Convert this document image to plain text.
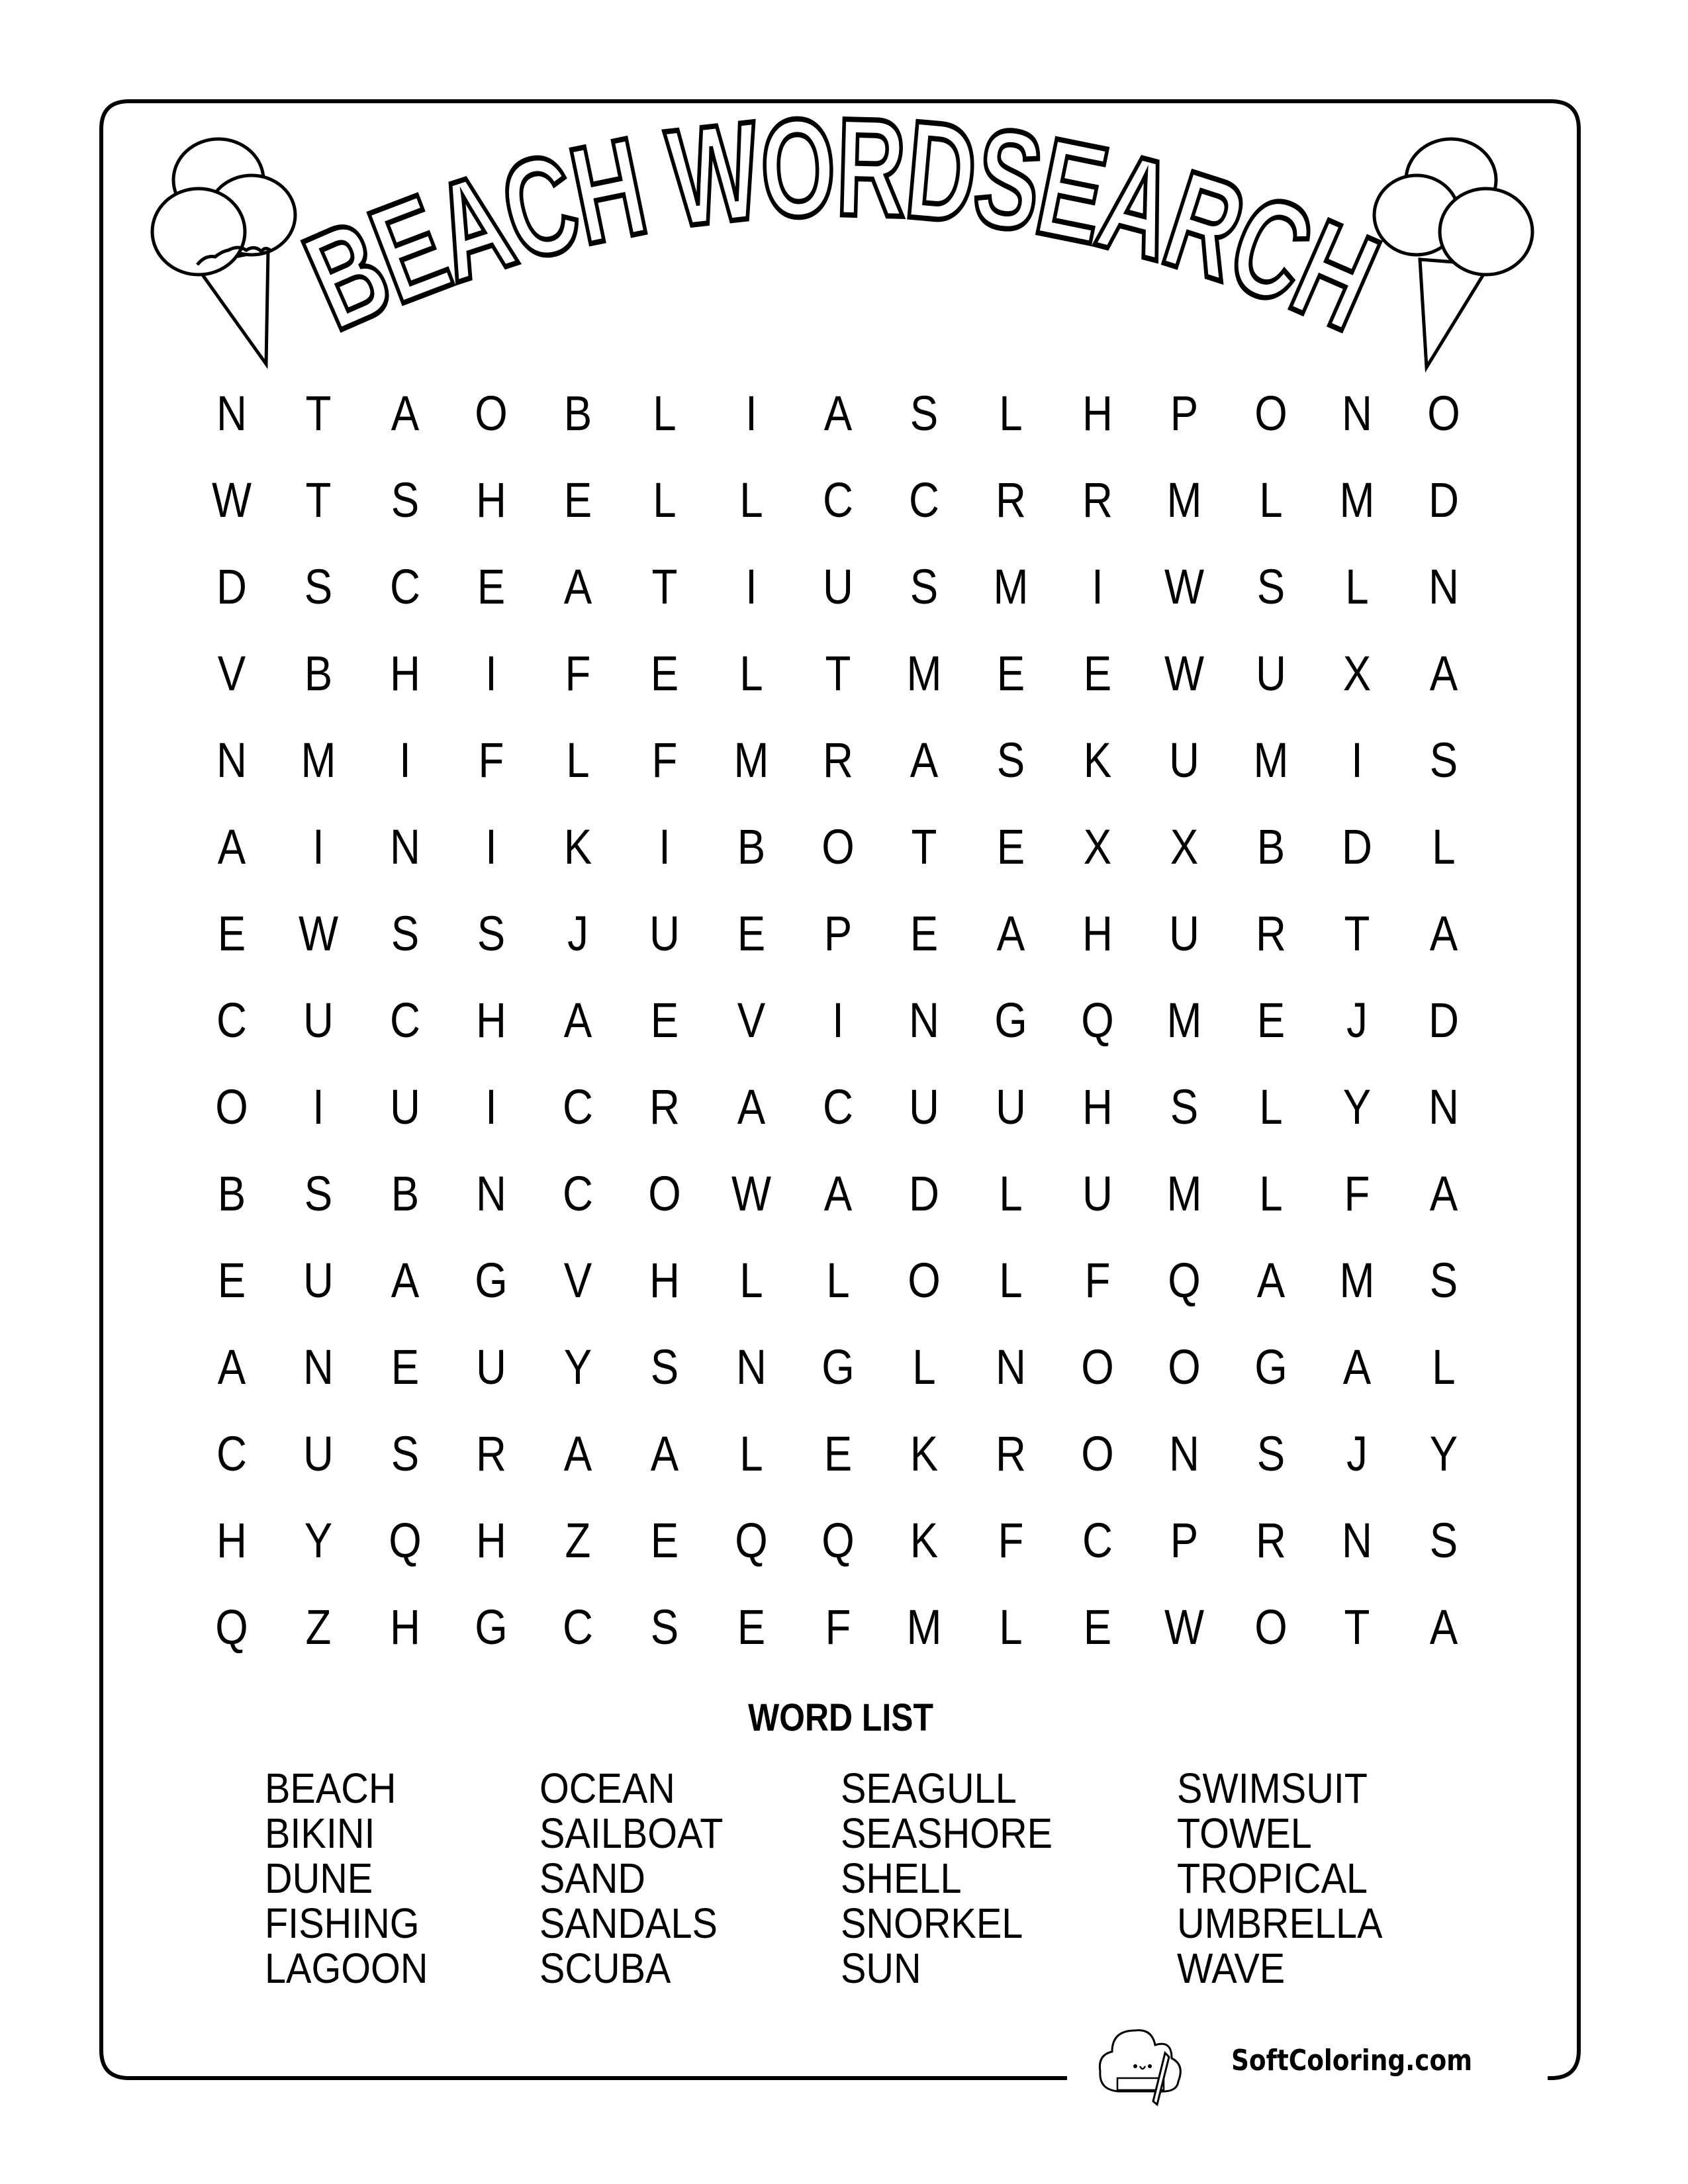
BEACH WORDSEARCH
N	T	A	O	B	L	I	A	S	L	H	P	O	N	O
W	T	S	H	E	L	L	C	C	R	R	M	L	M	D
D	S	C	E	A	T	I	U	S	M	I	W	S	L	N
V	B	H	I	F	E	L	T	M	E	E	W	U	X	A
N	M	I	F	L	F	M	R	A	S	K	U	M	I	S
A	I	N	I	K	I	B	O	T	E	X	X	B	D	L
E	W	S	S	J	U	E	P	E	A	H	U	R	T	A
C	U	C	H	A	E	V	I	N	G	Q	M	E	J	D
O	I	U	I	C	R	A	C	U	U	H	S	L	Y	N
B	S	B	N	C	O	W	A	D	L	U	M	L	F	A
E	U	A	G	V	H	L	L	O	L	F	Q	A	M	S
A	N	E	U	Y	S	N	G	L	N	O	O	G	A	L
C	U	S	R	A	A	L	E	K	R	O	N	S	J	Y
H	Y	Q	H	Z	E	Q	Q	K	F	C	P	R	N	S
Q	Z	H	G	C	S	E	F	M	L	E	W	O	T	A
WORD LIST
BEACH
BIKINI
DUNE
FISHING
LAGOON
OCEAN
SAILBOAT
SAND
SANDALS
SCUBA
SEAGULL
SEASHORE
SHELL
SNORKEL
SUN
SWIMSUIT
TOWEL
TROPICAL
UMBRELLA
WAVE
SoftColoring.com
